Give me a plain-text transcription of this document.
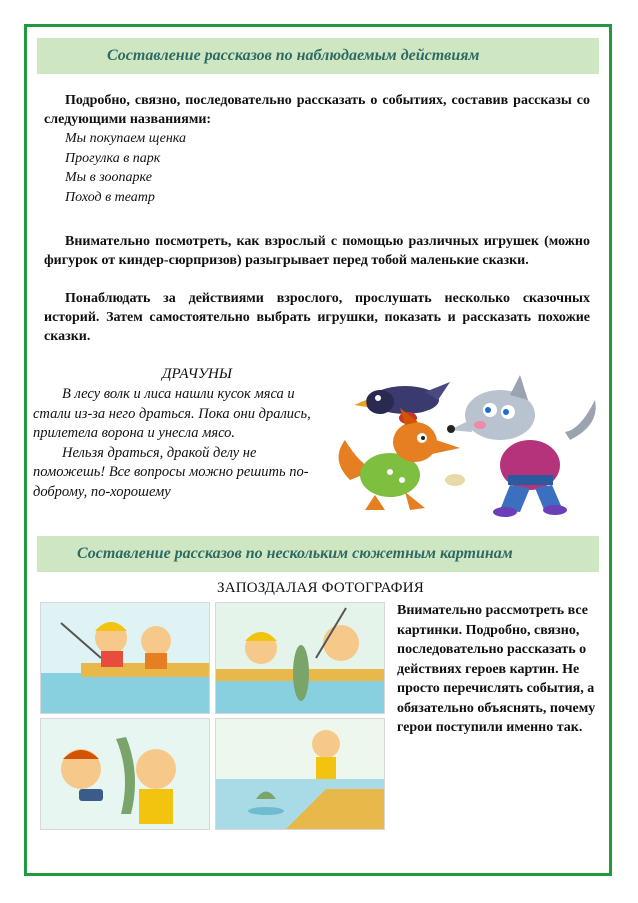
Составление рассказов по наблюдаемым действиям
Подробно, связно, последовательно рассказать о событиях, составив рассказы со следующими названиями:
Мы покупаем щенка
Прогулка в парк
Мы в зоопарке
Поход в театр
Внимательно посмотреть, как взрослый с помощью различных игрушек (можно фигурок от киндер-сюрпризов) разыгрывает перед тобой маленькие сказки.
Понаблюдать за действиями взрослого, прослушать несколько сказочных историй. Затем самостоятельно выбрать игрушки, показать и рассказать похожие сказки.
ДРАЧУНЫ

В лесу волк и лиса нашли кусок мяса и стали из-за него драться. Пока они дрались, прилетела ворона и унесла мясо.

Нельзя драться, дракой делу не поможешь! Все вопросы можно решить по-доброму, по-хорошему

Составление рассказов по нескольким сюжетным картинам
ЗАПОЗДАЛАЯ ФОТОГРАФИЯ
Внимательно рассмотреть все картинки. Подробно, связно, последовательно рассказать о действиях героев картин. Не просто перечислять события, а обязательно объяснять, почему герои поступили именно так.
